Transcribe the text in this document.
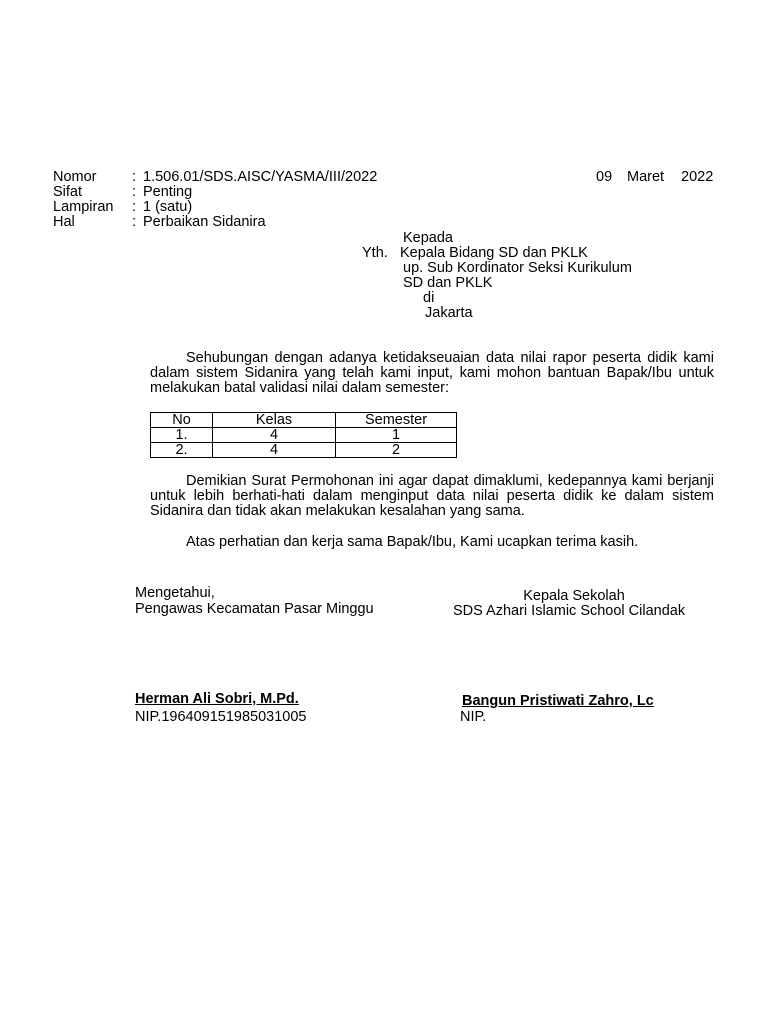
Nomor : 1.506.01/SDS.AISC/YASMA/III/2022
Sifat	: Penting
Lampiran : 1 (satu)
Hal	: Perbaikan Sidanira
09 Maret 2022
Kepada
Yth. Kepala Bidang SD dan PKLK
up. Sub Kordinator Seksi Kurikulum
SD dan PKLK
di
Jakarta
Sehubungan dengan adanya ketidakseuaian data nilai rapor peserta didik kami dalam sistem Sidanira yang telah kami input, kami mohon bantuan Bapak/Ibu untuk melakukan batal validasi nilai dalam semester:
No	Kelas	Semester
1.	4	1
2.	4	2
Demikian Surat Permohonan ini agar dapat dimaklumi, kedepannya kami berjanji untuk lebih berhati-hati dalam menginput data nilai peserta didik ke dalam sistem Sidanira dan tidak akan melakukan kesalahan yang sama.
Atas perhatian dan kerja sama Bapak/Ibu, Kami ucapkan terima kasih.
Mengetahui,
Pengawas Kecamatan Pasar Minggu
Herman Ali Sobri, M.Pd.
NIP.196409151985031005
Kepala Sekolah
SDS Azhari Islamic School Cilandak
Bangun Pristiwati Zahro, Lc
NIP.
